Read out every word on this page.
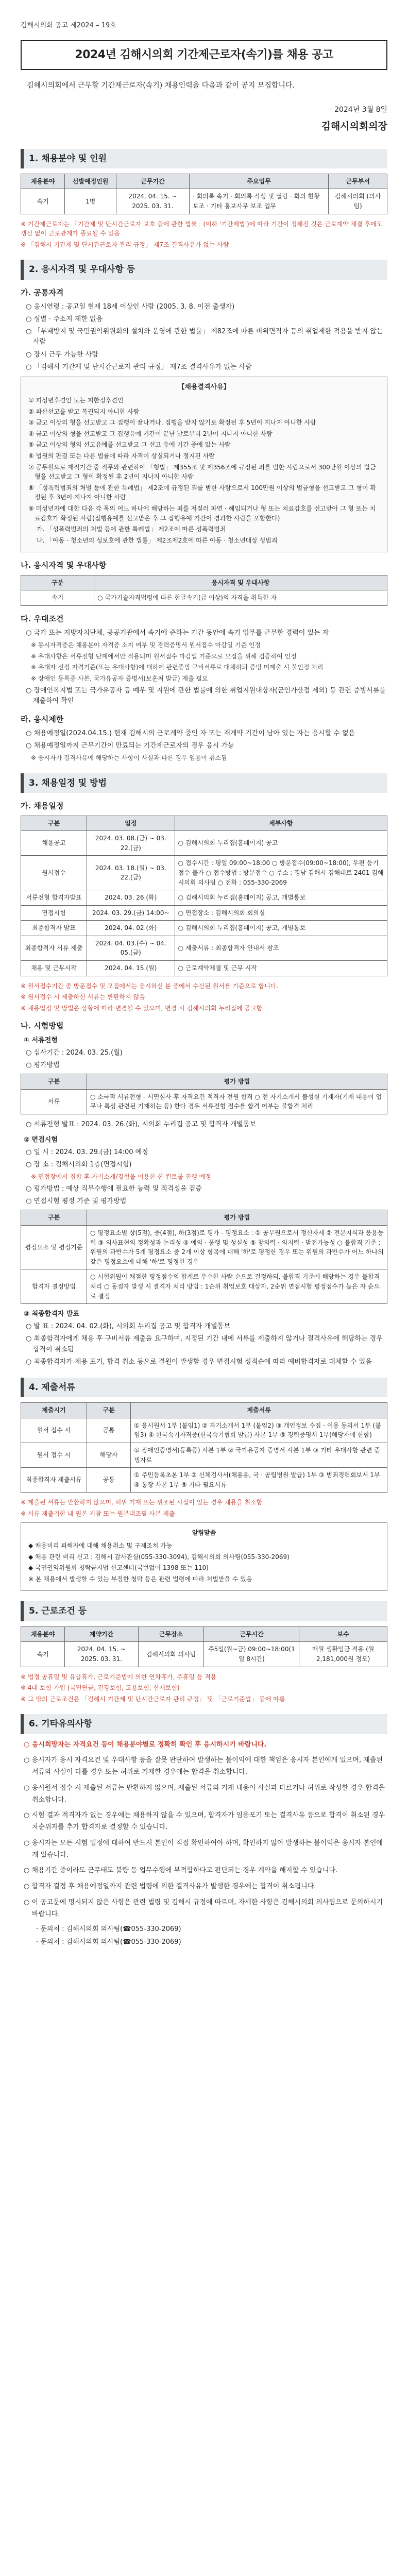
김해시의회 공고 제2024 – 19호
2024년 김해시의회 기간제근로자(속기)를 채용 공고
김해시의회에서 근무할 기간제근로자(속기) 채용인력을 다음과 같이 공지 모집합니다.
2024년 3월 8일
김해시의회의장
1. 채용분야 및 인원
채용분야	선발예정인원	근무기간	주요업무	근무부서
속기	1명	2024. 04. 15. ~ 2025. 03. 31.	· 회의록 속기 · 회의록 작성 및 열람 · 회의 현황 보조 · 기타 홍보사무 보조 업무	김해시의회 (의사팀)
※ 기간제근로자는 「기간제 및 단시간근로자 보호 등에 관한 법률」(이하 '기간제법')에 따라 기간이 정해진 것은 근로계약 체결 후에도 갱신 없이 근로관계가 종료될 수 있음
※ 「김해시 기간제 및 단시간근로자 관리 규정」 제7조 결격사유가 없는 사람
2. 응시자격 및 우대사항 등
가. 공통자격
○ 응시연령 : 공고일 현재 18세 이상인 사람 (2005. 3. 8. 이전 출생자)
○ 성별 · 주소지 제한 없음
○ 「부패방지 및 국민권익위원회의 설치와 운영에 관한 법률」 제82조에 따른 비위면직자 등의 취업제한 적용을 받지 않는 사람
○ 장시 근무 가능한 사람
○ 「김해시 기간제 및 단시간근로자 관리 규정」 제7조 결격사유가 없는 사람
【채용결격사유】
① 피성년후견인 또는 피한정후견인
② 파산선고를 받고 복권되지 아니한 사람
③ 금고 이상의 형을 선고받고 그 집행이 끝나거나, 집행을 받지 않기로 확정된 후 5년이 지나지 아니한 사람
④ 금고 이상의 형을 선고받고 그 집행유예 기간이 끝난 날로부터 2년이 지나지 아니한 사람
⑤ 금고 이상의 형의 선고유예를 선고받고 그 선고 유예 기간 중에 있는 사람
⑥ 법원의 판결 또는 다른 법률에 따라 자격이 상실되거나 정지된 사람
⑦ 공무원으로 재직기간 중 직무와 관련하여 「형법」 제355조 및 제356조에 규정된 죄를 범한 사람으로서 300만원 이상의 벌금형을 선고받고 그 형이 확정된 후 2년이 지나지 아니한 사람
⑧ 「성폭력범죄의 처벌 등에 관한 특례법」 제2조에 규정된 죄를 범한 사람으로서 100만원 이상의 벌금형을 선고받고 그 형이 확정된 후 3년이 지나지 아니한 사람
⑨ 미성년자에 대한 다음 각 목의 어느 하나에 해당하는 죄를 저질러 파면 · 해임되거나 형 또는 치료감호를 선고받아 그 형 또는 치료감호가 확정된 사람(집행유예를 선고받은 후 그 집행유예 기간이 경과한 사람을 포함한다)
가. 「성폭력범죄의 처벌 등에 관한 특례법」 제2조에 따른 성폭력범죄
나. 「아동 · 청소년의 성보호에 관한 법률」 제2조제2호에 따른 아동 · 청소년대상 성범죄
나. 응시자격 및 우대사항
구분	응시자격 및 우대사항
속기	○ 국가기술자격법령에 따른 한글속기(급 이상)의 자격을 취득한 자
다. 우대조건
○ 국가 또는 지방자치단체, 공공기관에서 속기에 준하는 기간 동안에 속기 업무를 근무한 경력이 있는 자
※ 동시자격증은 채용분야 자격증 소지 여부 및 경력증명서 원서접수 마감일 기준 인정
※ 우대사항은 서류전형 단계에서만 적용되며 원서접수 마감일 기준으로 모집을 위해 검증하여 인정
※ 우대자 선정 자격기준(또는 우대사항)에 대하여 관련증빙 구비서류로 대체하되 증빙 미제출 시 불인정 처리
※ 장애인 등록증 사본, 국가유공자 증명서(보훈처 발급) 제출 필요
○ 장애인복지법 또는 국가유공자 등 예우 및 지원에 관한 법률에 의한 취업지원대상자(군인가산점 제외) 등 관련 증빙서류를 제출하여 확인
라. 응시제한
○ 채용예정일(2024.04.15.) 현재 김해시의 근로계약 중인 자 또는 재계약 기간이 남아 있는 자는 응시할 수 없음
○ 채용예정일까지 근무기간이 만료되는 기간제근로자의 경우 응시 가능
※ 응시자가 결격사유에 해당하는 사항이 사실과 다른 경우 임용이 취소됨
3. 채용일정 및 방법
가. 채용일정
구분	일정	세부사항
채용공고	2024. 03. 08.(금) ~ 03. 22.(금)	○ 김해시의회 누리집(홈페이지) 공고
원서접수	2024. 03. 18.(월) ~ 03. 22.(금)	○ 접수시간 : 평일 09:00~18:00 ○ 방문접수(09:00~18:00), 우편 등기접수 불가 ○ 접수방법 : 방문접수 ○ 주소 : 경남 김해시 김해대로 2401 김해시의회 의사팀 ○ 전화 : 055-330-2069
서류전형 합격자발표	2024. 03. 26.(화)	○ 김해시의회 누리집(홈페이지) 공고, 개별통보
면접시험	2024. 03. 29.(금) 14:00~	○ 면접장소 : 김해시의회 회의실
최종합격자 발표	2024. 04. 02.(화)	○ 김해시의회 누리집(홈페이지) 공고, 개별통보
최종합격자 서류 제출	2024. 04. 03.(수) ~ 04. 05.(금)	○ 제출서류 : 최종합격자 안내서 참조
채용 및 근무시작	2024. 04. 15.(월)	○ 근로계약체결 및 근무 시작
※ 원서접수기간 중 방문접수 및 모집에서는 응시하신 분 중에서 수신된 원서를 기준으로 합니다.
※ 원서접수 시 제출하신 서류는 반환하지 않음
※ 채용일정 및 방법은 상황에 따라 변경될 수 있으며, 변경 시 김해시의회 누리집에 공고함
나. 시험방법
① 서류전형
○ 심사기간 : 2024. 03. 25.(월)
○ 평가방법
구분	평가 방법
서류	○ 소극적 서류전형 - 서면심사 후 자격요건 적격자 전원 합격 ○ 전 자기소개서 불성실 기재자(기재 내용이 업무나 특성 관련된 기재하는 등) 한다 경우 서류전형 점수를 합격 여부는 불합격 처리
○ 서류전형 발표 : 2024. 03. 26.(화), 시의회 누리집 공고 및 합격자 개별통보
② 면접시험
○ 일 시 : 2024. 03. 29.(금) 14:00 예정
○ 장 소 : 김해시의회 1층(면접시험)
※ 면접장에서 집합 후 자기소개/경험을 이용한 한 컨트롤 진행 예정
○ 평가방법 : 예상 직무수행에 필요한 능력 및 적격성을 검증
○ 면접시험 평정 기준 및 평가방법
구분	평가 방법
평정요소 및 평정기준	○ 평정요소별 상(5점), 중(4점), 하(3점)로 평가 - 평정요소 : ① 공무원으로서 정신자세 ② 전문지식과 응용능력 ③ 의사표현의 정확성과 논리성 ④ 예의 · 품행 및 성실성 ⑤ 창의력 · 의지력 · 발전가능성 ○ 불합격 기준 : 위원의 과반수가 5개 평정요소 중 2개 이상 항목에 대해 '하'로 평정한 경우 또는 위원의 과반수가 어느 하나의 같은 평정요소에 대해 '하'로 평정한 경우
합격자 결정방법	○ 시험위원이 채점한 평정점수의 합계로 우수한 사람 순으로 결정하되, 불합격 기준에 해당하는 경우 불합격 처리 ○ 동점자 발생 시 결격자 처리 방법 : 1순위 취업보호 대상자, 2순위 면접시험 평정점수가 높은 자 순으로 결정
③ 최종합격자 발표
○ 발 표 : 2024. 04. 02.(화), 시의회 누리집 공고 및 합격자 개별통보
○ 최종합격자에게 채용 후 구비서류 제출을 요구하며, 지정된 기간 내에 서류를 제출하지 않거나 결격사유에 해당하는 경우 합격이 취소됨
○ 최종합격자가 채용 포기, 합격 취소 등으로 결원이 발생할 경우 면접시험 성적순에 따라 예비합격자로 대체할 수 있음
4. 제출서류
제출시기	구분	제출서류
원서 접수 시	공통	① 응시원서 1부 (붙임1) ② 자기소개서 1부 (붙임2) ③ 개인정보 수집 · 이용 동의서 1부 (붙임3) ④ 한국속기자격증(한국속기협회 발급) 사본 1부 ⑤ 경력증명서 1부(해당자에 한함)
원서 접수 시	해당자	① 장애인증명서(등록증) 사본 1부 ② 국가유공자 증명서 사본 1부 ③ 기타 우대사항 관련 증빙자료
최종합격자 제출서류	공통	① 주민등록초본 1부 ② 신체검사서(채용용, 국 · 공립병원 발급) 1부 ③ 범죄경력회보서 1부 ④ 통장 사본 1부 ⑤ 기타 필요서류
※ 제출된 서류는 반환하지 않으며, 허위 기재 또는 위조된 사실이 있는 경우 채용을 취소함
※ 서류 제출기한 내 원본 지참 또는 원본대조필 사본 제출
알림말씀
◆ 채용비리 피해자에 대해 채용취소 및 구제조치 가능
◆ 채용 관련 비리 신고 : 김해시 감사관실(055-330-3094), 김해시의회 의사팀(055-330-2069)
◆ 국민권익위원회 청탁금지법 신고센터(국번없이 1398 또는 110)
※ 본 채용에서 발생할 수 있는 부정한 청탁 등은 관련 법령에 따라 처벌받을 수 있음
5. 근로조건 등
채용분야	계약기간	근무장소	근무시간	보수
속기	2024. 04. 15. ~ 2025. 03. 31.	김해시의회 의사팀	주5일(월~금) 09:00~18:00(1일 8시간)	매월 생활임금 적용 (월 2,181,000원 정도)
※ 법정 공휴일 및 유급휴가, 근로기준법에 의한 연차휴가, 주휴일 등 적용
※ 4대 보험 가입 (국민연금, 건강보험, 고용보험, 산재보험)
※ 그 밖의 근로조건은 「김해시 기간제 및 단시간근로자 관리 규정」 및 「근로기준법」 등에 따름
6. 기타유의사항
○ 응시희망자는 자격요건 등이 채용분야별로 정확히 확인 후 응시하시기 바랍니다.
○ 응시자가 응시 자격요건 및 우대사항 등을 잘못 판단하여 발생하는 불이익에 대한 책임은 응시자 본인에게 있으며, 제출된 서류와 사실이 다를 경우 또는 허위로 기재한 경우에는 합격을 취소합니다.
○ 응시원서 접수 시 제출된 서류는 반환하지 않으며, 제출된 서류의 기재 내용이 사실과 다르거나 허위로 작성한 경우 합격을 취소합니다.
○ 시험 결과 적격자가 없는 경우에는 채용하지 않을 수 있으며, 합격자가 임용포기 또는 결격사유 등으로 합격이 취소된 경우 차순위자를 추가 합격자로 결정할 수 있습니다.
○ 응시자는 모든 시험 일정에 대하여 반드시 본인이 직접 확인하여야 하며, 확인하지 않아 발생하는 불이익은 응시자 본인에게 있습니다.
○ 채용기간 중이라도 근무태도 불량 등 업무수행에 부적합하다고 판단되는 경우 계약을 해지할 수 있습니다.
○ 합격자 결정 후 채용예정일까지 관련 법령에 의한 결격사유가 발생한 경우에는 합격이 취소됩니다.
○ 이 공고문에 명시되지 않은 사항은 관련 법령 및 김해시 규정에 따르며, 자세한 사항은 김해시의회 의사팀으로 문의하시기 바랍니다.
· 문의처 : 김해시의회 의사팀(☎055-330-2069)
· 문의처 : 김해시의회 의사팀(☎055-330-2069)
